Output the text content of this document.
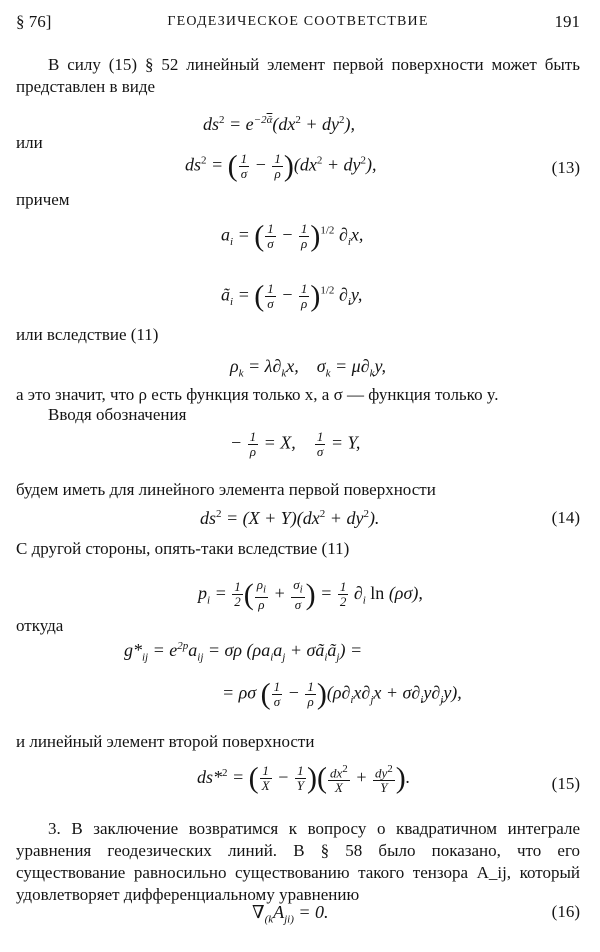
§ 76]	ГЕОДЕЗИЧЕСКОЕ СООТВЕТСТВИЕ	191
В силу (15) § 52 линейный элемент первой поверхности может быть представлен в виде
$ds^2 = e^{-2\overline{ᾶ}}(dx^2 + dy^2)$,
или
$ds^2$ = ( $\frac{1}{\sigma} - \frac{1}{\rho} )(dx^2 + dy^2)$,	(13)
причем
$a_i$ = ( $\frac{1}{\sigma} - \frac{1}{\rho} )^{1/2}$ $\partial_ix$,
$ã_i$ = ( $\frac{1}{\sigma} - \frac{1}{\rho} )^{1/2}$ $\partial_iy$,
или вследствие (11)
$\rho_k = \lambda\partial_kx$,    $\sigma_k = \mu\partial_ky$,
а это значит, что ρ есть функция только x, а σ — функция только y.
Вводя обозначения
− $\frac{1}{\rho} = X$, $\frac{1}{\sigma} = Y$,
будем иметь для линейного элемента первой поверхности
$ds^2 = (X + Y)(dx^2 + dy^2)$.	(14)
С другой стороны, опять-таки вследствие (11)
$p_i = \frac{1}{2}$ ( $\frac{\rho_i}{\rho} + \frac{\sigma_i}{\sigma}$ ) = $\frac{1}{2} \partial_i$ ln (ρσ),
откуда
$g*_{ij} = e^{2p}a_{ij} = \sigma\rho$ ($\rho a_ia_j$ + $\sigma ã_iã_j$) =
= ρσ ( $\frac{1}{\sigma} - \frac{1}{\rho} )(\rho\partial_ix\partial_jx + \sigma\partial_iy\partial_jy)$,
и линейный элемент второй поверхности
ds*$^2$ = ( $\frac{1}{X} - \frac{1}{Y}$ )( $\frac{dx^2}{X} + \frac{dy^2}{Y}$ ).	(15)
3. В заключение возвратимся к вопросу о квадратичном интеграле уравнения геодезических линий. В § 58 было показано, что его существование равносильно существованию такого тензора A_ij, который удовлетворяет дифференциальному уравнению
$\nabla_{(k}A_{ji)} = 0$.	(16)
